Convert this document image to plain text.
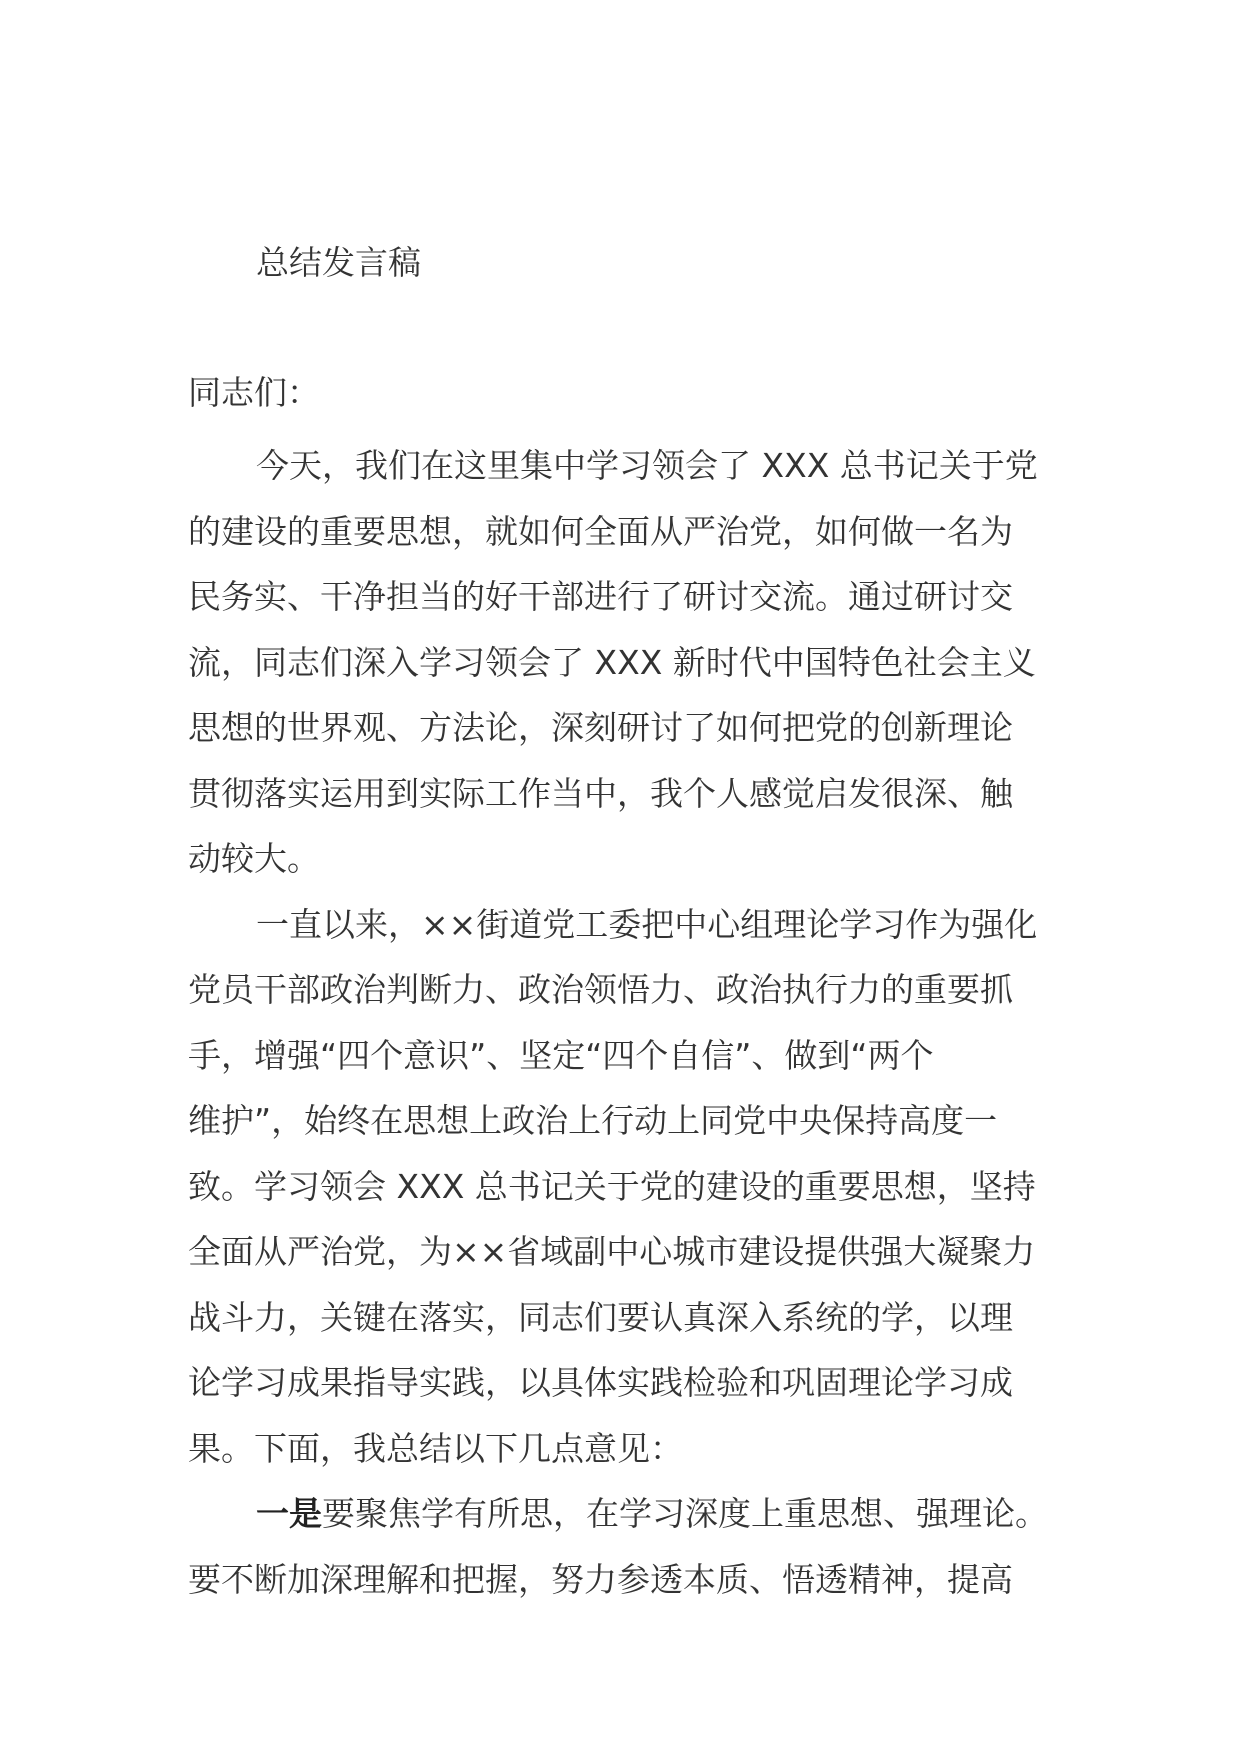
总结发言稿
同志们：
今天，我们在这里集中学习领会了 XXX 总书记关于党
的建设的重要思想，就如何全面从严治党，如何做一名为
民务实、干净担当的好干部进行了研讨交流。通过研讨交
流，同志们深入学习领会了 XXX 新时代中国特色社会主义
思想的世界观、方法论，深刻研讨了如何把党的创新理论
贯彻落实运用到实际工作当中，我个人感觉启发很深、触
动较大。
一直以来，××街道党工委把中心组理论学习作为强化
党员干部政治判断力、政治领悟力、政治执行力的重要抓
手，增强“四个意识”、坚定“四个自信”、做到“两个
维护”，始终在思想上政治上行动上同党中央保持高度一
致。学习领会 XXX 总书记关于党的建设的重要思想，坚持
全面从严治党，为××省域副中心城市建设提供强大凝聚力
战斗力，关键在落实，同志们要认真深入系统的学，以理
论学习成果指导实践，以具体实践检验和巩固理论学习成
果。下面，我总结以下几点意见：
一是要聚焦学有所思，在学习深度上重思想、强理论。
要不断加深理解和把握，努力参透本质、悟透精神，提高
